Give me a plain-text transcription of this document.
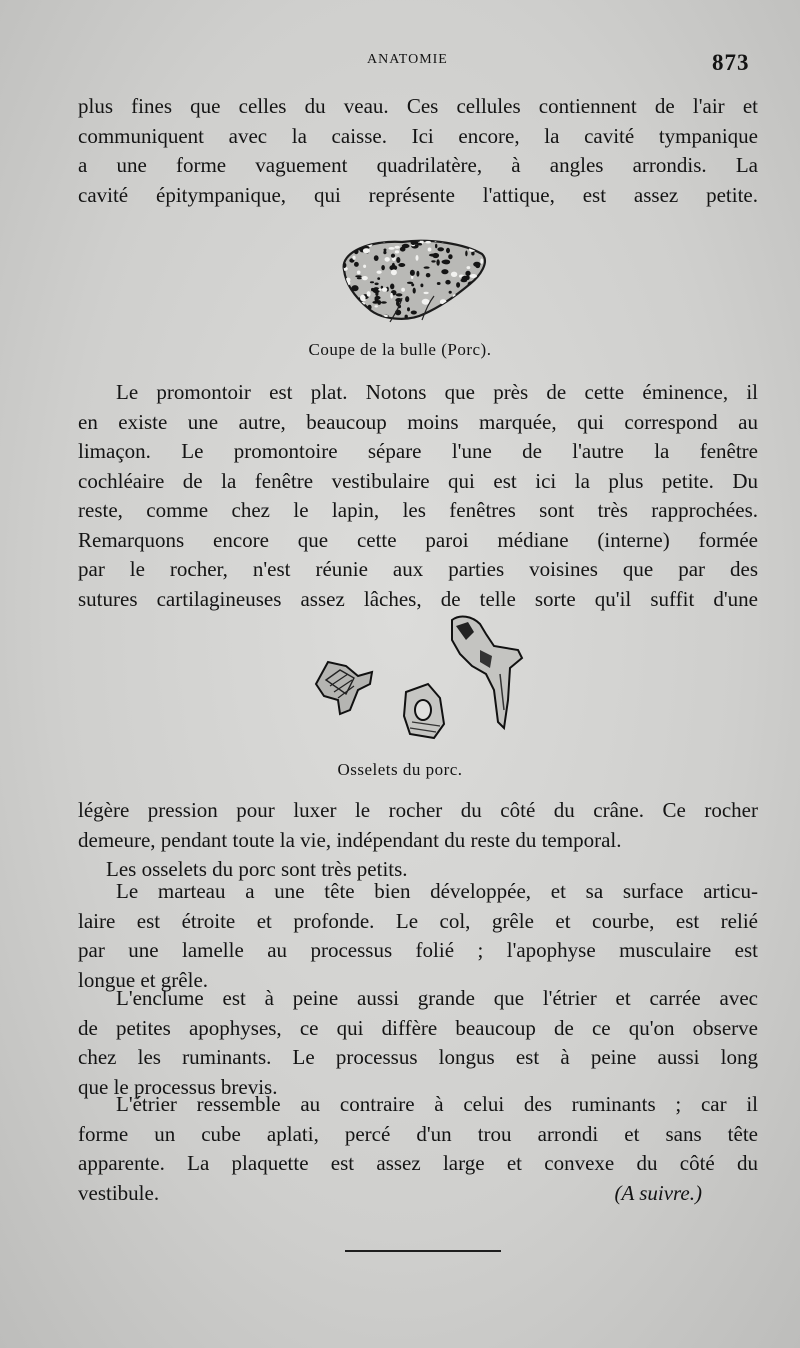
ANATOMIE	873
plus fines que celles du veau. Ces cellules contiennent de l'air et
communiquent avec la caisse. Ici encore, la cavité tympanique
a une forme vaguement quadrilatère, à angles arrondis. La
cavité épitympanique, qui représente l'attique, est assez petite.
Coupe de la bulle (Porc).
Le promontoir est plat. Notons que près de cette éminence, il
en existe une autre, beaucoup moins marquée, qui correspond au
limaçon. Le promontoire sépare l'une de l'autre la fenêtre
cochléaire de la fenêtre vestibulaire qui est ici la plus petite. Du
reste, comme chez le lapin, les fenêtres sont très rapprochées.
Remarquons encore que cette paroi médiane (interne) formée
par le rocher, n'est réunie aux parties voisines que par des
sutures cartilagineuses assez lâches, de telle sorte qu'il suffit d'une
Osselets du porc.
légère pression pour luxer le rocher du côté du crâne. Ce rocher
demeure, pendant toute la vie, indépendant du reste du temporal.
Les osselets du porc sont très petits.
Le marteau a une tête bien développée, et sa surface articu-
laire est étroite et profonde. Le col, grêle et courbe, est relié
par une lamelle au processus folié ; l'apophyse musculaire est
longue et grêle.
L'enclume est à peine aussi grande que l'étrier et carrée avec
de petites apophyses, ce qui diffère beaucoup de ce qu'on observe
chez les ruminants. Le processus longus est à peine aussi long
que le processus brevis.
L'étrier ressemble au contraire à celui des ruminants ; car il
forme un cube aplati, percé d'un trou arrondi et sans tête
apparente. La plaquette est assez large et convexe du côté du
vestibule.	(A suivre.)
